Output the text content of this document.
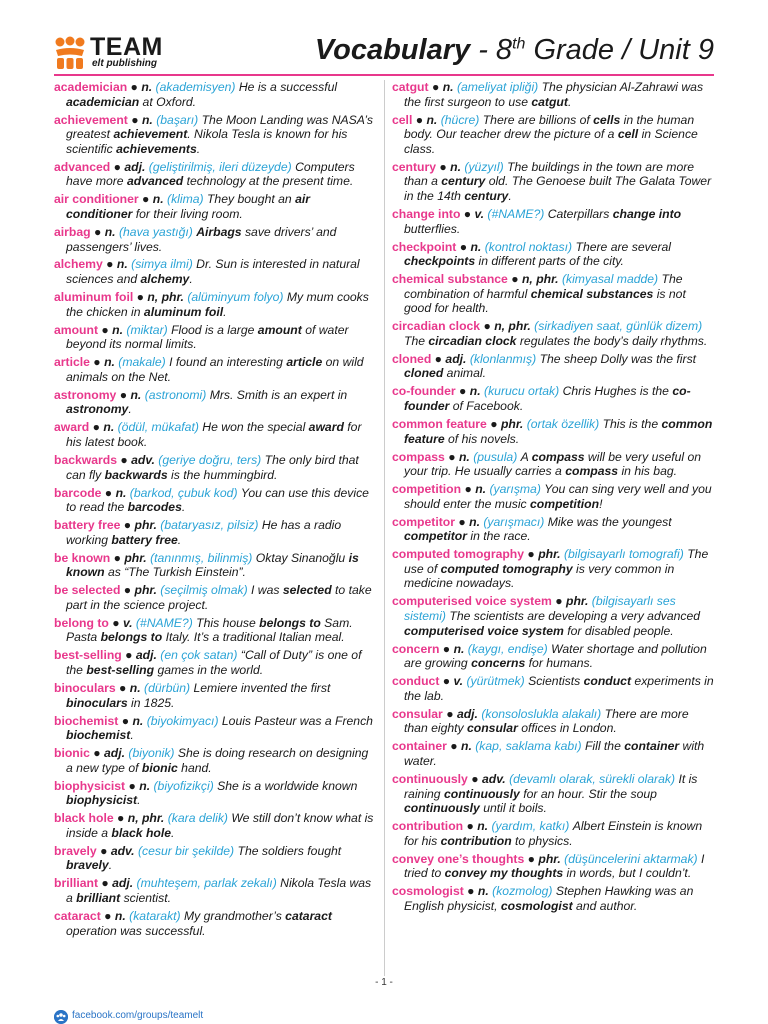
TEAM
elt publishing	Vocabulary - 8th Grade / Unit 9
academician ● n. (akademisyen) He is a successful academician at Oxford.
achievement ● n. (başarı) The Moon Landing was NASA’s greatest achievement. Nikola Tesla is known for his scientific achievements.
advanced ● adj. (geliştirilmiş, ileri düzeyde) Computers have more advanced technology at the present time.
air conditioner ● n. (klima) They bought an air conditioner for their living room.
airbag ● n. (hava yastığı) Airbags save drivers’ and passengers’ lives.
alchemy ● n. (simya ilmi) Dr. Sun is interested in natural sciences and alchemy.
aluminum foil ● n, phr. (alüminyum folyo) My mum cooks the chicken in aluminum foil.
amount ● n. (miktar) Flood is a large amount of water beyond its normal limits.
article ● n. (makale) I found an interesting article on wild animals on the Net.
astronomy ● n. (astronomi) Mrs. Smith is an expert in astronomy.
award ● n. (ödül, mükafat) He won the special award for his latest book.
backwards ● adv. (geriye doğru, ters) The only bird that can fly backwards is the hummingbird.
barcode ● n. (barkod, çubuk kod) You can use this device to read the barcodes.
battery free ● phr. (bataryasız, pilsiz) He has a radio working battery free.
be known ● phr. (tanınmış, bilinmiş) Oktay Sinanoğlu is known as “The Turkish Einstein”.
be selected ● phr. (seçilmiş olmak) I was selected to take part in the science project.
belong to ● v. (#NAME?) This house belongs to Sam. Pasta belongs to Italy. It’s a traditional Italian meal.
best-selling ● adj. (en çok satan) “Call of Duty” is one of the best-selling games in the world.
binoculars ● n. (dürbün) Lemiere invented the first binoculars in 1825.
biochemist ● n. (biyokimyacı) Louis Pasteur was a French biochemist.
bionic ● adj. (biyonik) She is doing research on designing a new type of bionic hand.
biophysicist ● n. (biyofizikçi) She is a worldwide known biophysicist.
black hole ● n, phr. (kara delik) We still don’t know what is inside a black hole.
bravely ● adv. (cesur bir şekilde) The soldiers fought bravely.
brilliant ● adj. (muhteşem, parlak zekalı) Nikola Tesla was a brilliant scientist.
cataract ● n. (katarakt) My grandmother’s cataract operation was successful.
catgut ● n. (ameliyat ipliği) The physician Al-Zahrawi was the first surgeon to use catgut.
cell ● n. (hücre) There are billions of cells in the human body. Our teacher drew the picture of a cell in Science class.
century ● n. (yüzyıl) The buildings in the town are more than a century old. The Genoese built The Galata Tower in the 14th century.
change into ● v. (#NAME?) Caterpillars change into butterflies.
checkpoint ● n. (kontrol noktası) There are several checkpoints in different parts of the city.
chemical substance ● n, phr. (kimyasal madde) The combination of harmful chemical substances is not good for health.
circadian clock ● n, phr. (sirkadiyen saat, günlük dizem) The circadian clock regulates the body’s daily rhythms.
cloned ● adj. (klonlanmış) The sheep Dolly was the first cloned animal.
co-founder ● n. (kurucu ortak) Chris Hughes is the co-founder of Facebook.
common feature ● phr. (ortak özellik) This is the common feature of his novels.
compass ● n. (pusula) A compass will be very useful on your trip. He usually carries a compass in his bag.
competition ● n. (yarışma) You can sing very well and you should enter the music competition!
competitor ● n. (yarışmacı) Mike was the youngest competitor in the race.
computed tomography ● phr. (bilgisayarlı tomografi) The use of computed tomography is very common in medicine nowadays.
computerised voice system ● phr. (bilgisayarlı ses sistemi) The scientists are developing a very advanced computerised voice system for disabled people.
concern ● n. (kaygı, endişe) Water shortage and pollution are growing concerns for humans.
conduct ● v. (yürütmek) Scientists conduct experiments in the lab.
consular ● adj. (konsoloslukla alakalı) There are more than eighty consular offices in London.
container ● n. (kap, saklama kabı) Fill the container with water.
continuously ● adv. (devamlı olarak, sürekli olarak) It is raining continuously for an hour. Stir the soup continuously until it boils.
contribution ● n. (yardım, katkı) Albert Einstein is known for his contribution to physics.
convey one’s thoughts ● phr. (düşüncelerini aktarmak) I tried to convey my thoughts in words, but I couldn’t.
cosmologist ● n. (kozmolog) Stephen Hawking was an English physicist, cosmologist and author.
- 1 -
facebook.com/groups/teamelt
